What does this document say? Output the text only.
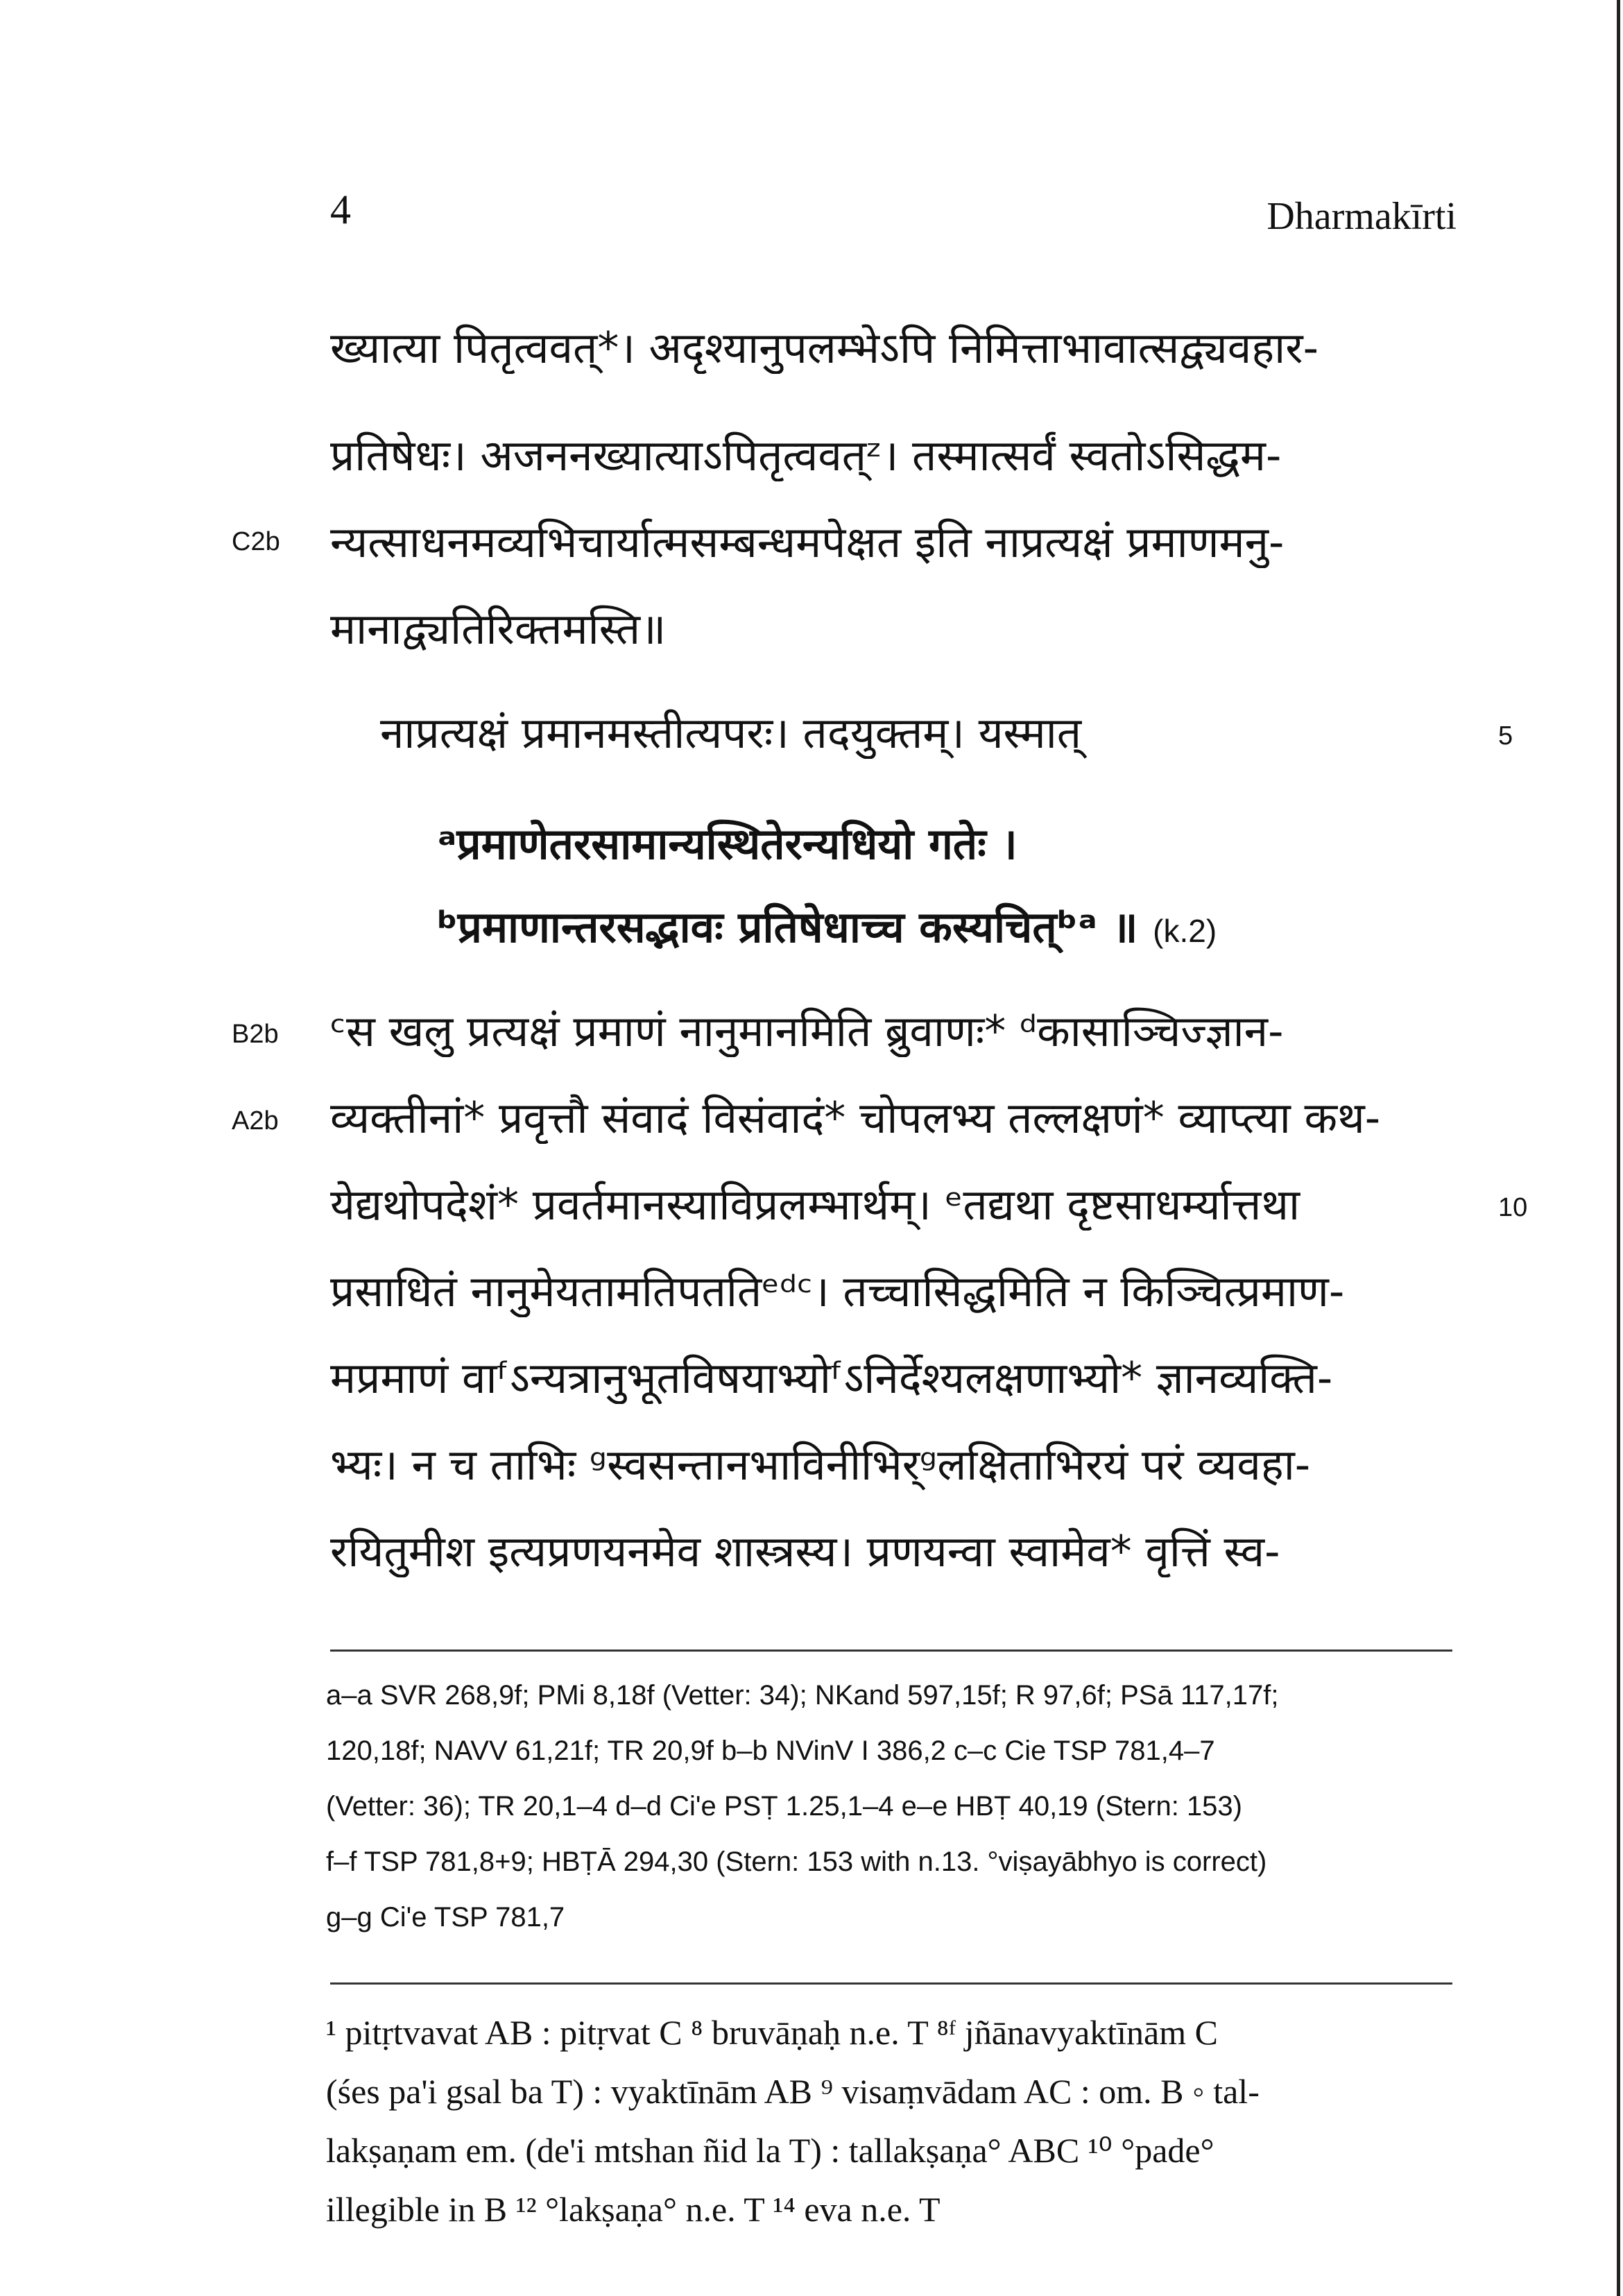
4	Dharmakīrti
ख्यात्या पितृत्ववत्*। अदृश्यानुपलम्भेऽपि निमित्ताभावात्सद्व्यवहार-
प्रतिषेधः। अजननख्यात्याऽपितृत्ववत्ᶻ। तस्मात्सर्वं स्वतोऽसिद्धम-
न्यत्साधनमव्यभिचार्यात्मसम्बन्धमपेक्षत इति नाप्रत्यक्षं प्रमाणमनु-
मानाद्व्यतिरिक्तमस्ति॥
C2b
नाप्रत्यक्षं प्रमानमस्तीत्यपरः। तदयुक्तम्। यस्मात्	5
ᵃप्रमाणेतरसामान्यस्थितेरन्यधियो गतेः ।
ᵇप्रमाणान्तरसद्भावः प्रतिषेधाच्च कस्यचित्ᵇᵃ ॥ (k.2)
B2b
A2b
10
ᶜस खलु प्रत्यक्षं प्रमाणं नानुमानमिति ब्रुवाणः* ᵈकासाञ्चिज्ज्ञान-
व्यक्तीनां* प्रवृत्तौ संवादं विसंवादं* चोपलभ्य तल्लक्षणं* व्याप्त्या कथ-
येद्यथोपदेशं* प्रवर्तमानस्याविप्रलम्भार्थम्। ᵉतद्यथा दृष्टसाधर्म्यात्तथा
प्रसाधितं नानुमेयतामतिपततिᵉᵈᶜ। तच्चासिद्धमिति न किञ्चित्प्रमाण-
मप्रमाणं वाᶠऽन्यत्रानुभूतविषयाभ्योᶠऽनिर्देश्यलक्षणाभ्यो* ज्ञानव्यक्ति-
भ्यः। न च ताभिः ᵍस्वसन्तानभाविनीभिर्ᵍलक्षिताभिरयं परं व्यवहा-
रयितुमीश इत्यप्रणयनमेव शास्त्रस्य। प्रणयन्वा स्वामेव* वृत्तिं स्व-
a–a SVR 268,9f; PMi 8,18f (Vetter: 34); NKand 597,15f; R 97,6f; PSā 117,17f;
120,18f; NAVV 61,21f; TR 20,9f b–b NVinV I 386,2 c–c Cie TSP 781,4–7
(Vetter: 36); TR 20,1–4 d–d Ci'e PSṬ 1.25,1–4 e–e HBṬ 40,19 (Stern: 153)
f–f TSP 781,8+9; HBṬĀ 294,30 (Stern: 153 with n.13. °viṣayābhyo is correct)
g–g Ci'e TSP 781,7
¹ pitṛtvavat AB : pitṛvat C ⁸ bruvāṇaḥ n.e. T ⁸ᶠ jñānavyaktīnām C
(śes pa'i gsal ba T) : vyaktīnām AB ⁹ visaṃvādam AC : om. B ◦ tal-
lakṣaṇam em. (de'i mtshan ñid la T) : tallakṣaṇa° ABC ¹⁰ °pade°
illegible in B ¹² °lakṣaṇa° n.e. T ¹⁴ eva n.e. T
